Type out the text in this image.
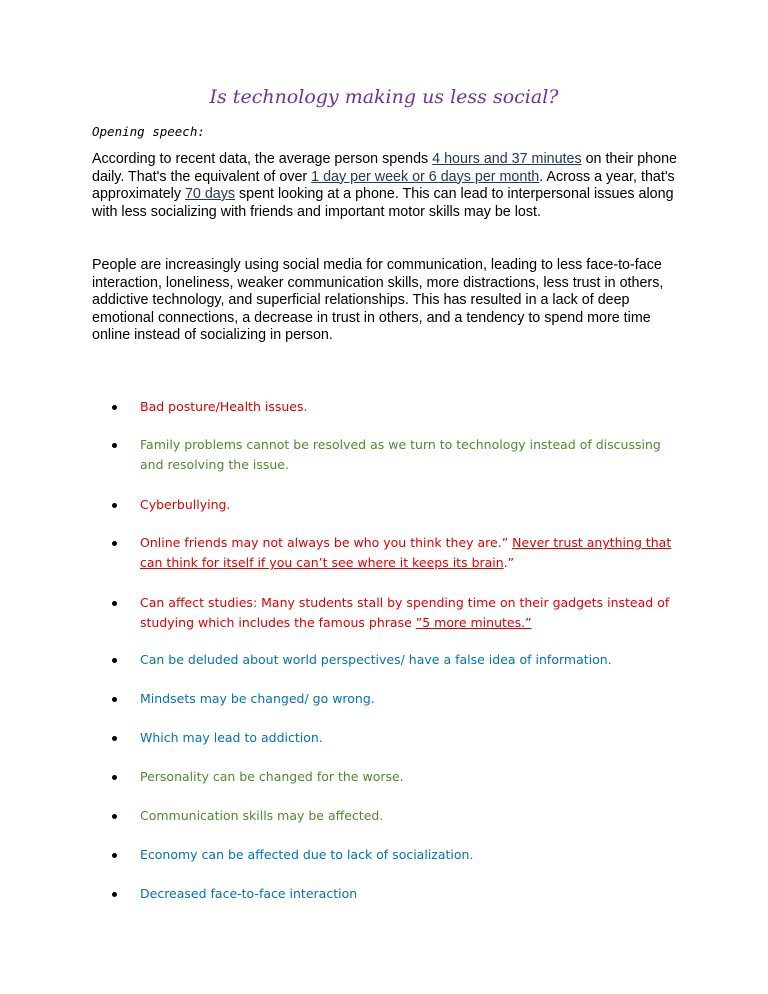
Is technology making us less social?
Opening speech:

According to recent data, the average person spends 4 hours and 37 minutes on their phone daily. That's the equivalent of over 1 day per week or 6 days per month. Across a year, that's approximately 70 days spent looking at a phone. This can lead to interpersonal issues along with less socializing with friends and important motor skills may be lost.

People are increasingly using social media for communication, leading to less face-to-face interaction, loneliness, weaker communication skills, more distractions, less trust in others, addictive technology, and superficial relationships. This has resulted in a lack of deep emotional connections, a decrease in trust in others, and a tendency to spend more time online instead of socializing in person.

Bad posture/Health issues.
Family problems cannot be resolved as we turn to technology instead of discussing and resolving the issue.
Cyberbullying.
Online friends may not always be who you think they are.” Never trust anything that can think for itself if you can’t see where it keeps its brain.”
Can affect studies: Many students stall by spending time on their gadgets instead of studying which includes the famous phrase ”5 more minutes.”
Can be deluded about world perspectives/ have a false idea of information.
Mindsets may be changed/ go wrong.
Which may lead to addiction.
Personality can be changed for the worse.
Communication skills may be affected.
Economy can be affected due to lack of socialization.
Decreased face-to-face interaction
